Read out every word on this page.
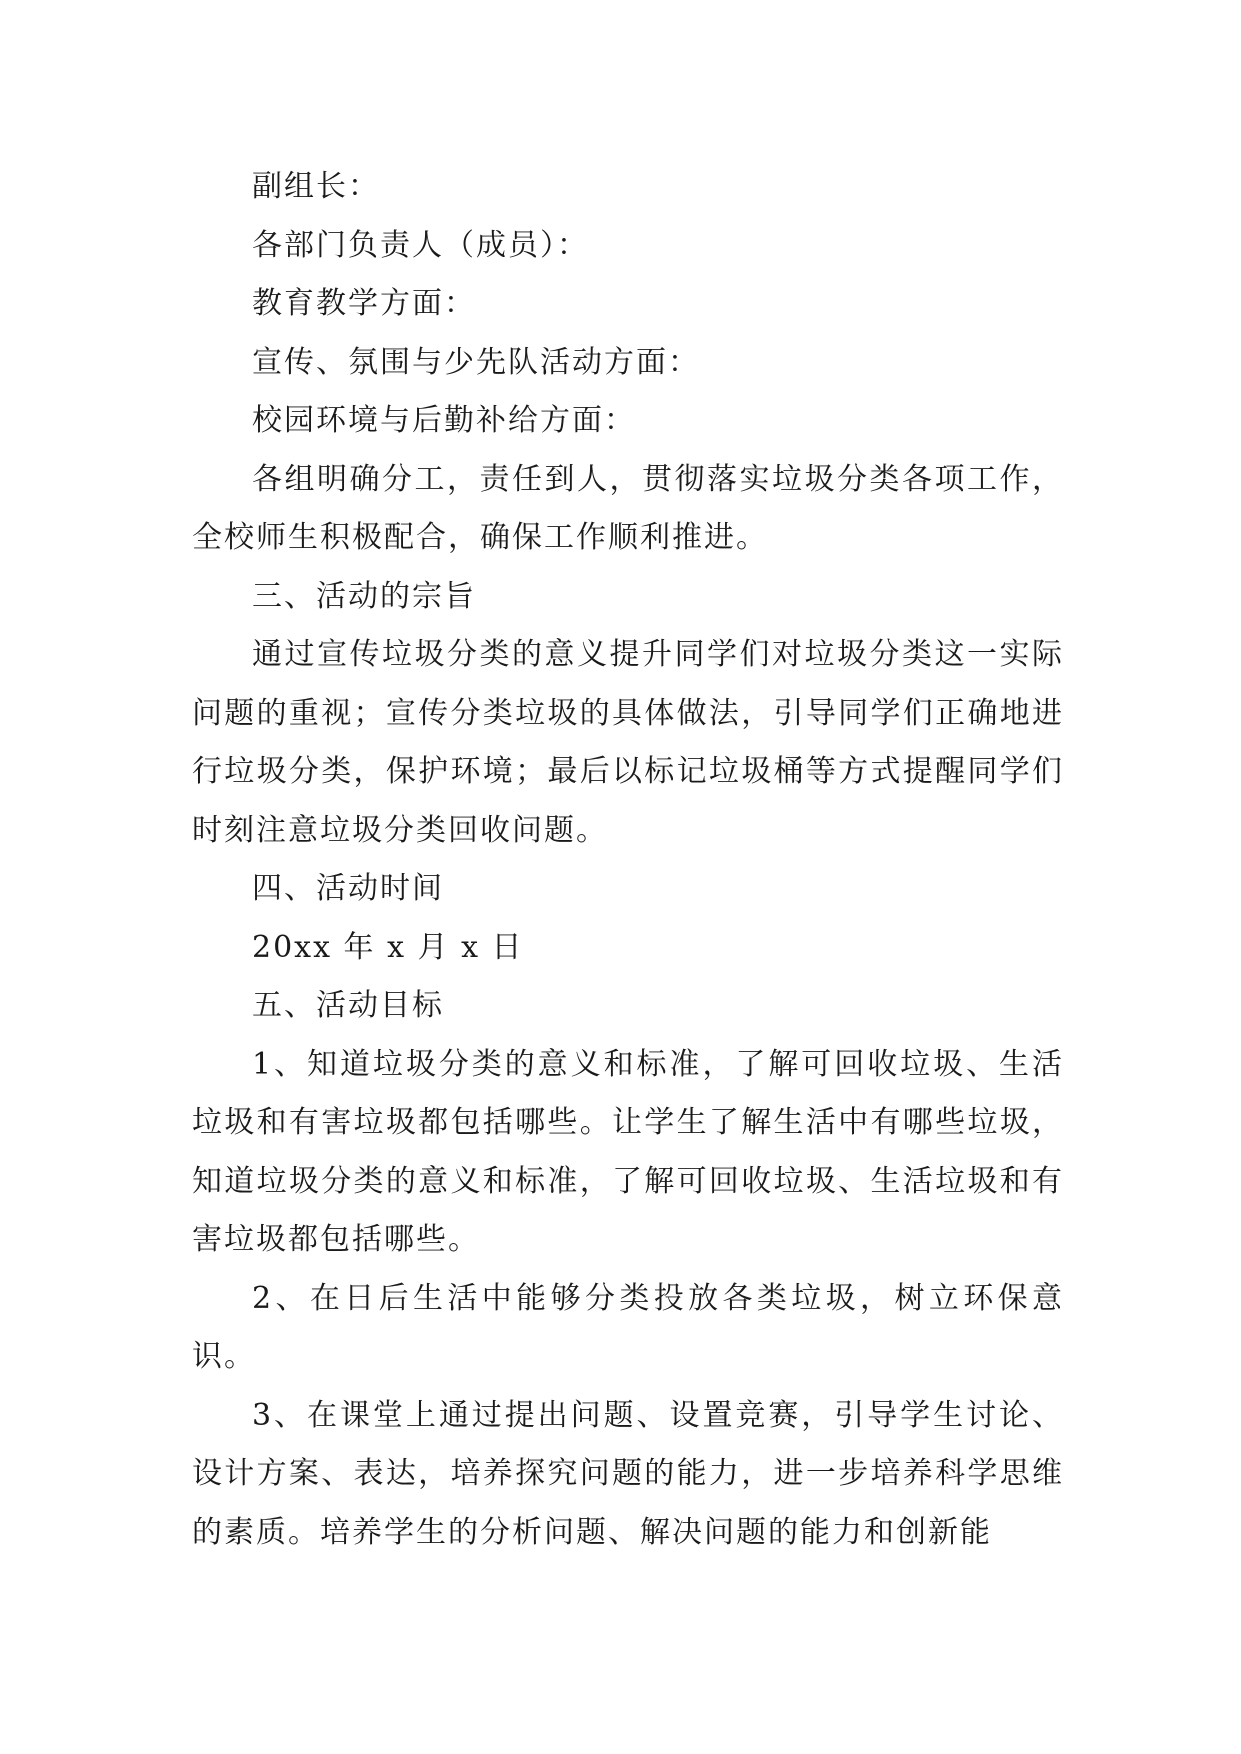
副组长：

各部门负责人（成员）：

教育教学方面：

宣传、氛围与少先队活动方面：

校园环境与后勤补给方面：

各组明确分工，责任到人，贯彻落实垃圾分类各项工作，全校师生积极配合，确保工作顺利推进。

三、活动的宗旨

通过宣传垃圾分类的意义提升同学们对垃圾分类这一实际问题的重视；宣传分类垃圾的具体做法，引导同学们正确地进行垃圾分类，保护环境；最后以标记垃圾桶等方式提醒同学们时刻注意垃圾分类回收问题。

四、活动时间

20xx 年 x 月 x 日

五、活动目标

1、知道垃圾分类的意义和标准，了解可回收垃圾、生活垃圾和有害垃圾都包括哪些。让学生了解生活中有哪些垃圾，知道垃圾分类的意义和标准，了解可回收垃圾、生活垃圾和有害垃圾都包括哪些。

2、在日后生活中能够分类投放各类垃圾，树立环保意识。

3、在课堂上通过提出问题、设置竞赛，引导学生讨论、设计方案、表达，培养探究问题的能力，进一步培养科学思维的素质。培养学生的分析问题、解决问题的能力和创新能
